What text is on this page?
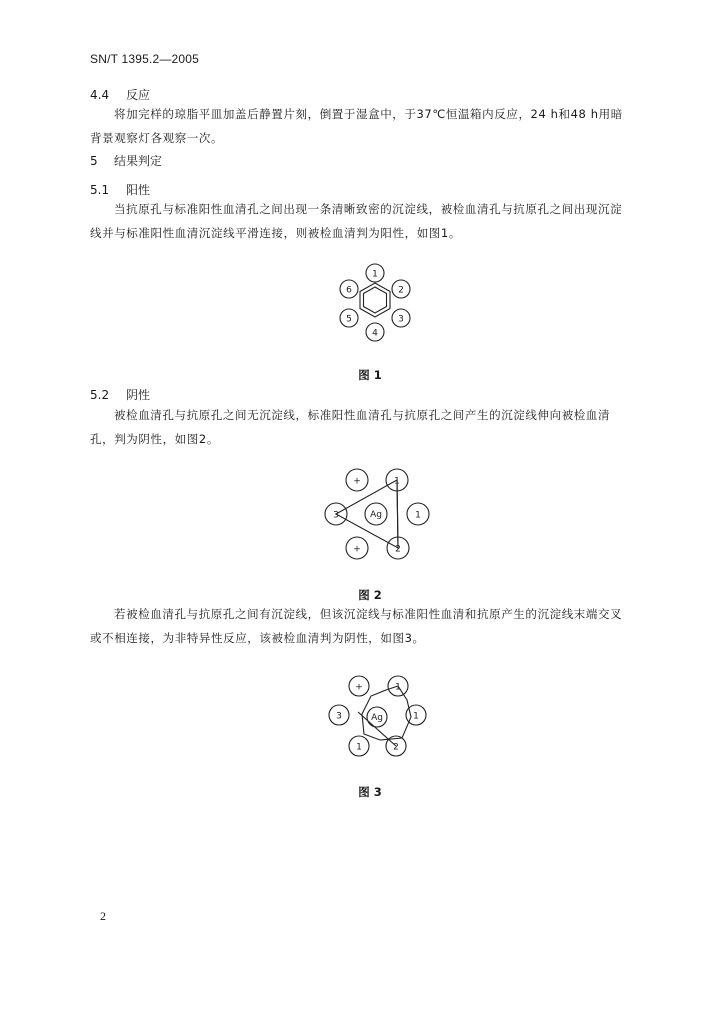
SN/T 1395.2—2005
4.4 反应
将加完样的琼脂平皿加盖后静置片刻，倒置于湿盒中，于37℃恒温箱内反应，24 h和48 h用暗背景观察灯各观察一次。
5 结果判定
5.1 阳性
当抗原孔与标准阳性血清孔之间出现一条清晰致密的沉淀线，被检血清孔与抗原孔之间出现沉淀线并与标准阳性血清沉淀线平滑连接，则被检血清判为阳性，如图1。
1
2
3
4
5
6
图 1
5.2 阴性
被检血清孔与抗原孔之间无沉淀线，标准阳性血清孔与抗原孔之间产生的沉淀线伸向被检血清孔，判为阴性，如图2。
Ag
1
1
2
3
+
+
图 2
若被检血清孔与抗原孔之间有沉淀线，但该沉淀线与标准阳性血清和抗原产生的沉淀线末端交叉或不相连接，为非特异性反应，该被检血清判为阴性，如图3。
Ag
1
1
2
3
1
+
图 3
2
